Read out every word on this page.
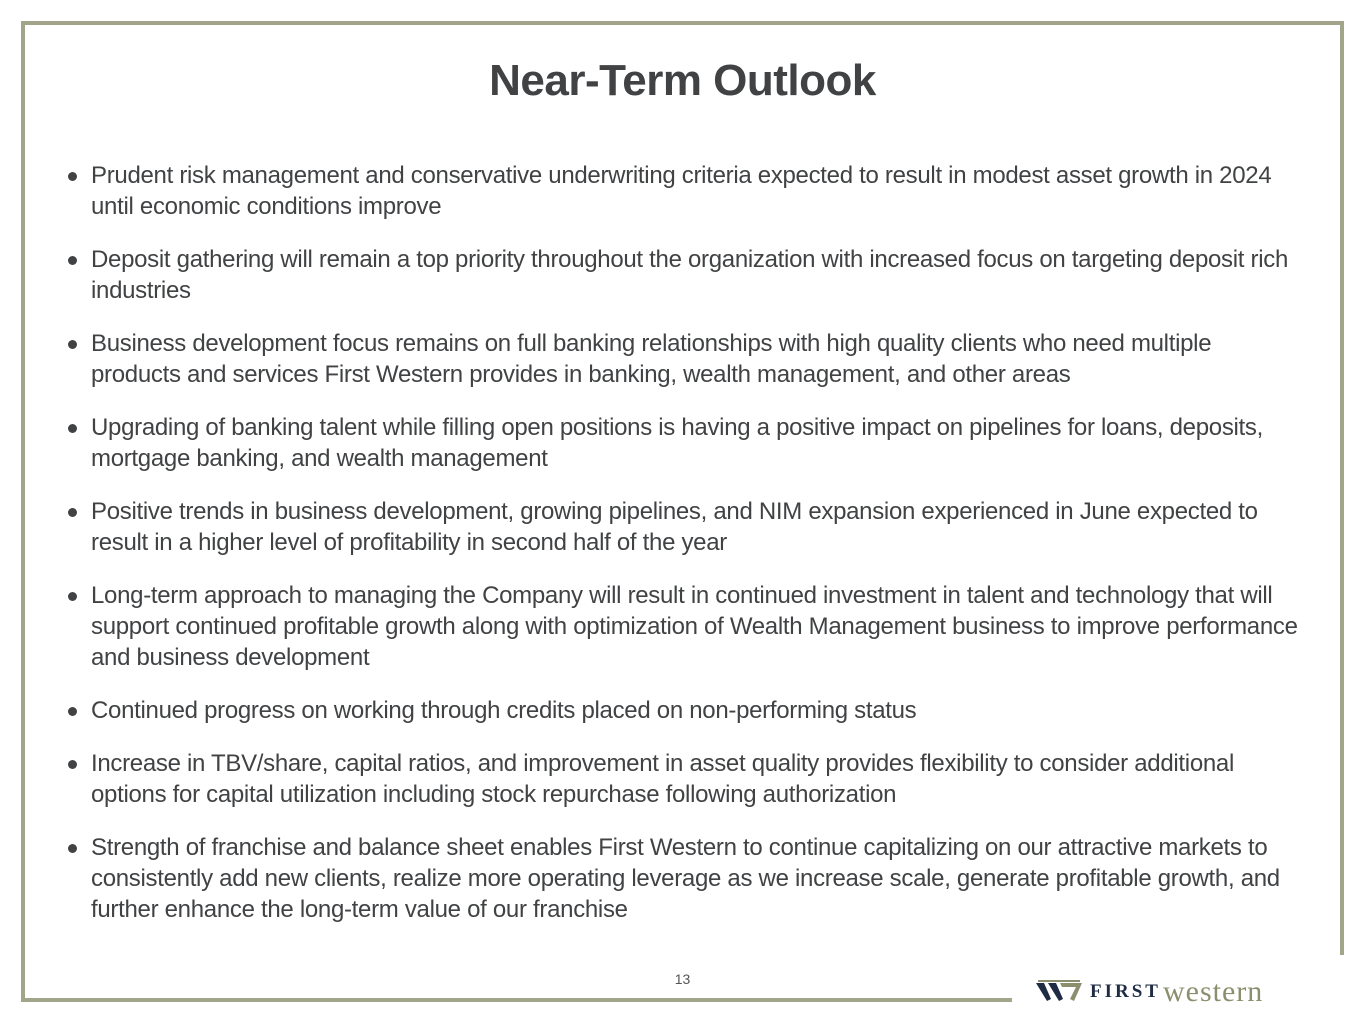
Near-Term Outlook
Prudent risk management and conservative underwriting criteria expected to result in modest asset growth in 2024 until economic conditions improve
Deposit gathering will remain a top priority throughout the organization with increased focus on targeting deposit rich industries
Business development focus remains on full banking relationships with high quality clients who need multiple products and services First Western provides in banking, wealth management, and other areas
Upgrading of banking talent while filling open positions is having a positive impact on pipelines for loans, deposits, mortgage banking, and wealth management
Positive trends in business development, growing pipelines, and NIM expansion experienced in June expected to result in a higher level of profitability in second half of the year
Long-term approach to managing the Company will result in continued investment in talent and technology that will support continued profitable growth along with optimization of Wealth Management business to improve performance and business development
Continued progress on working through credits placed on non-performing status
Increase in TBV/share, capital ratios, and improvement in asset quality provides flexibility to consider additional options for capital utilization including stock repurchase following authorization
Strength of franchise and balance sheet enables First Western to continue capitalizing on our attractive markets to consistently add new clients, realize more operating leverage as we increase scale, generate profitable growth, and further enhance the long-term value of our franchise
13
FIRST western
